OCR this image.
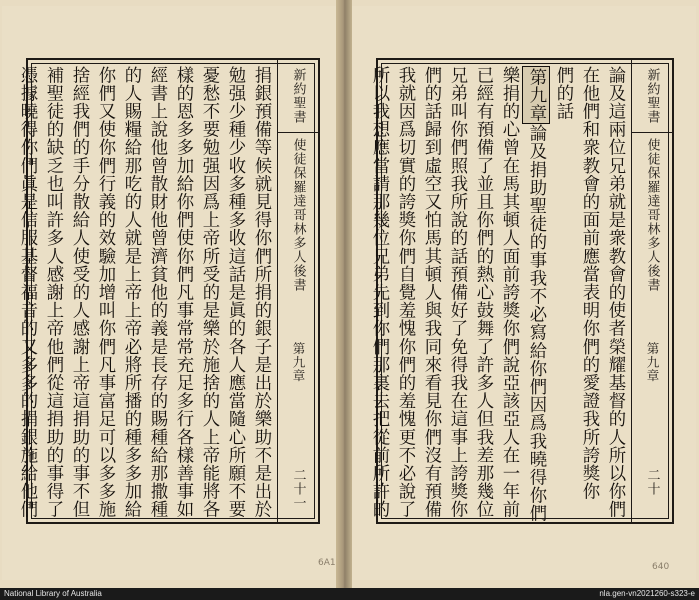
新約聖書
使徒保羅達哥林多人後書
第九章
二十一
捐銀預備等候就見得你們所捐的銀子是出於樂助不是出於
勉强少種少收多種多收這話是眞的各人應當隨心所願不要
憂愁不要勉强因爲上帝所受的是樂於施捨的人上帝能將各
樣的恩多多加給你們使你們凡事常常充足多行各樣善事如
經書上說他曾散財他曾濟貧他的義是長存的賜種給那撒種
的人賜糧給那吃的人就是上帝上帝必將所播的種多多加給
你們又使你們行義的效驗加增叫你們凡事富足可以多多施
捨經我們的手分散給人使受的人感謝上帝這捐助的事不但
補聖徒的缺乏也叫許多人感謝上帝他們從這捐助的事得了
憑據曉得你們眞是信服基督福音的又多多的捐銀施給他們	新約聖書
使徒保羅達哥林多人後書
第九章
二十
論及這兩位兄弟就是衆教會的使者榮耀基督的人所以你們
在他們和衆教會的面前應當表明你們的愛證我所誇獎你
們的話
第九章論及捐助聖徒的事我不必寫給你們因爲我曉得你們
樂捐的心曾在馬其頓人面前誇獎你們說亞該亞人在一年前
已經有預備了並且你們的熱心鼓舞了許多人但我差那幾位
兄弟叫你們照我所說的話預備好了免得我在這事上誇獎你
們的話歸到虛空又怕馬其頓人與我同來看見你們沒有預備
我就因爲切實的誇獎你們自覺羞愧你們的羞愧更不必說了
所以我想應當請那幾位兄弟先到你們那裏去把從前所許的
6A1	640
National Library of Australia	nla.gen-vn2021260-s323-e
